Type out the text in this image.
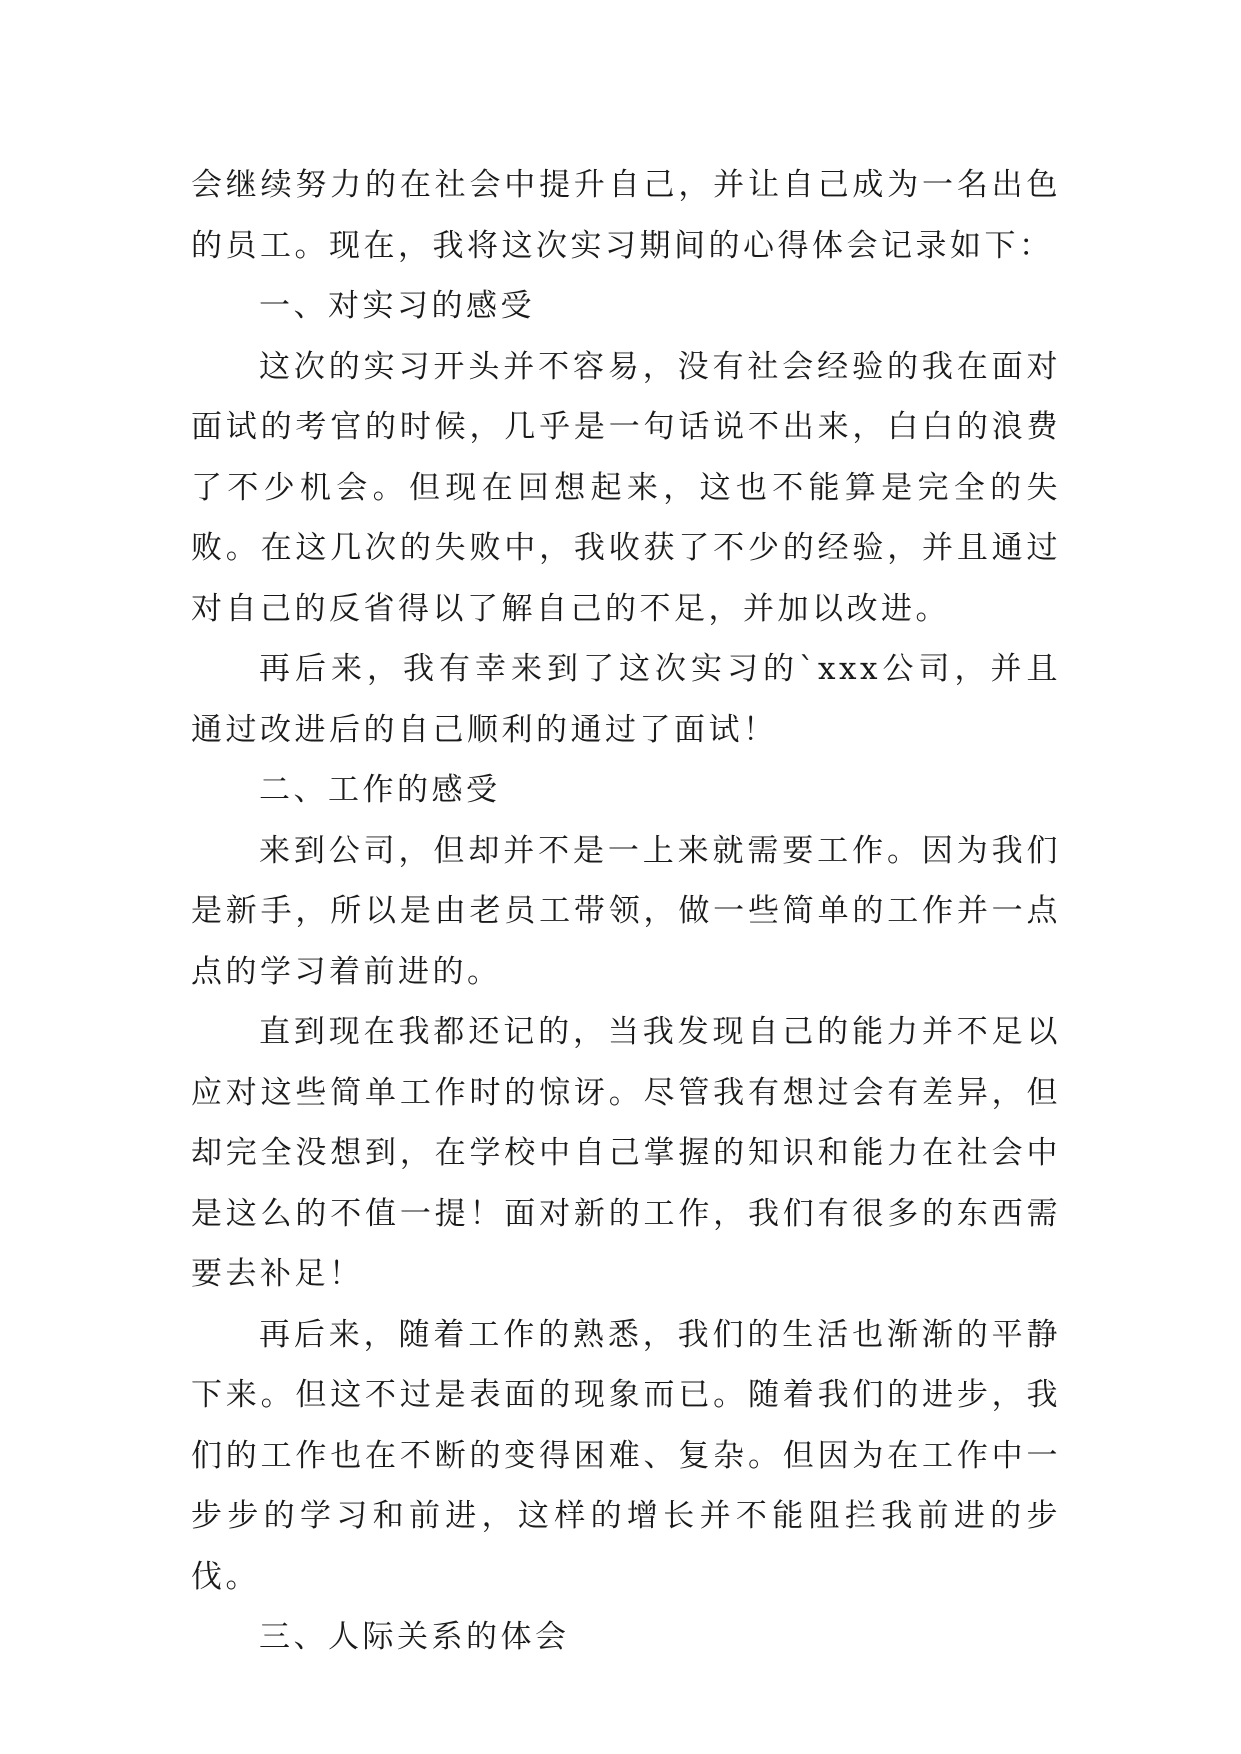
会继续努力的在社会中提升自己，并让自己成为一名出色的员工。现在，我将这次实习期间的心得体会记录如下：

一、对实习的感受

这次的实习开头并不容易，没有社会经验的我在面对面试的考官的时候，几乎是一句话说不出来，白白的浪费了不少机会。但现在回想起来，这也不能算是完全的失败。在这几次的失败中，我收获了不少的经验，并且通过对自己的反省得以了解自己的不足，并加以改进。

再后来，我有幸来到了这次实习的`xxx公司，并且通过改进后的自己顺利的通过了面试！

二、工作的感受

来到公司，但却并不是一上来就需要工作。因为我们是新手，所以是由老员工带领，做一些简单的工作并一点点的学习着前进的。

直到现在我都还记的，当我发现自己的能力并不足以应对这些简单工作时的惊讶。尽管我有想过会有差异，但却完全没想到，在学校中自己掌握的知识和能力在社会中是这么的不值一提！面对新的工作，我们有很多的东西需要去补足！

再后来，随着工作的熟悉，我们的生活也渐渐的平静下来。但这不过是表面的现象而已。随着我们的进步，我们的工作也在不断的变得困难、复杂。但因为在工作中一步步的学习和前进，这样的增长并不能阻拦我前进的步伐。

三、人际关系的体会
